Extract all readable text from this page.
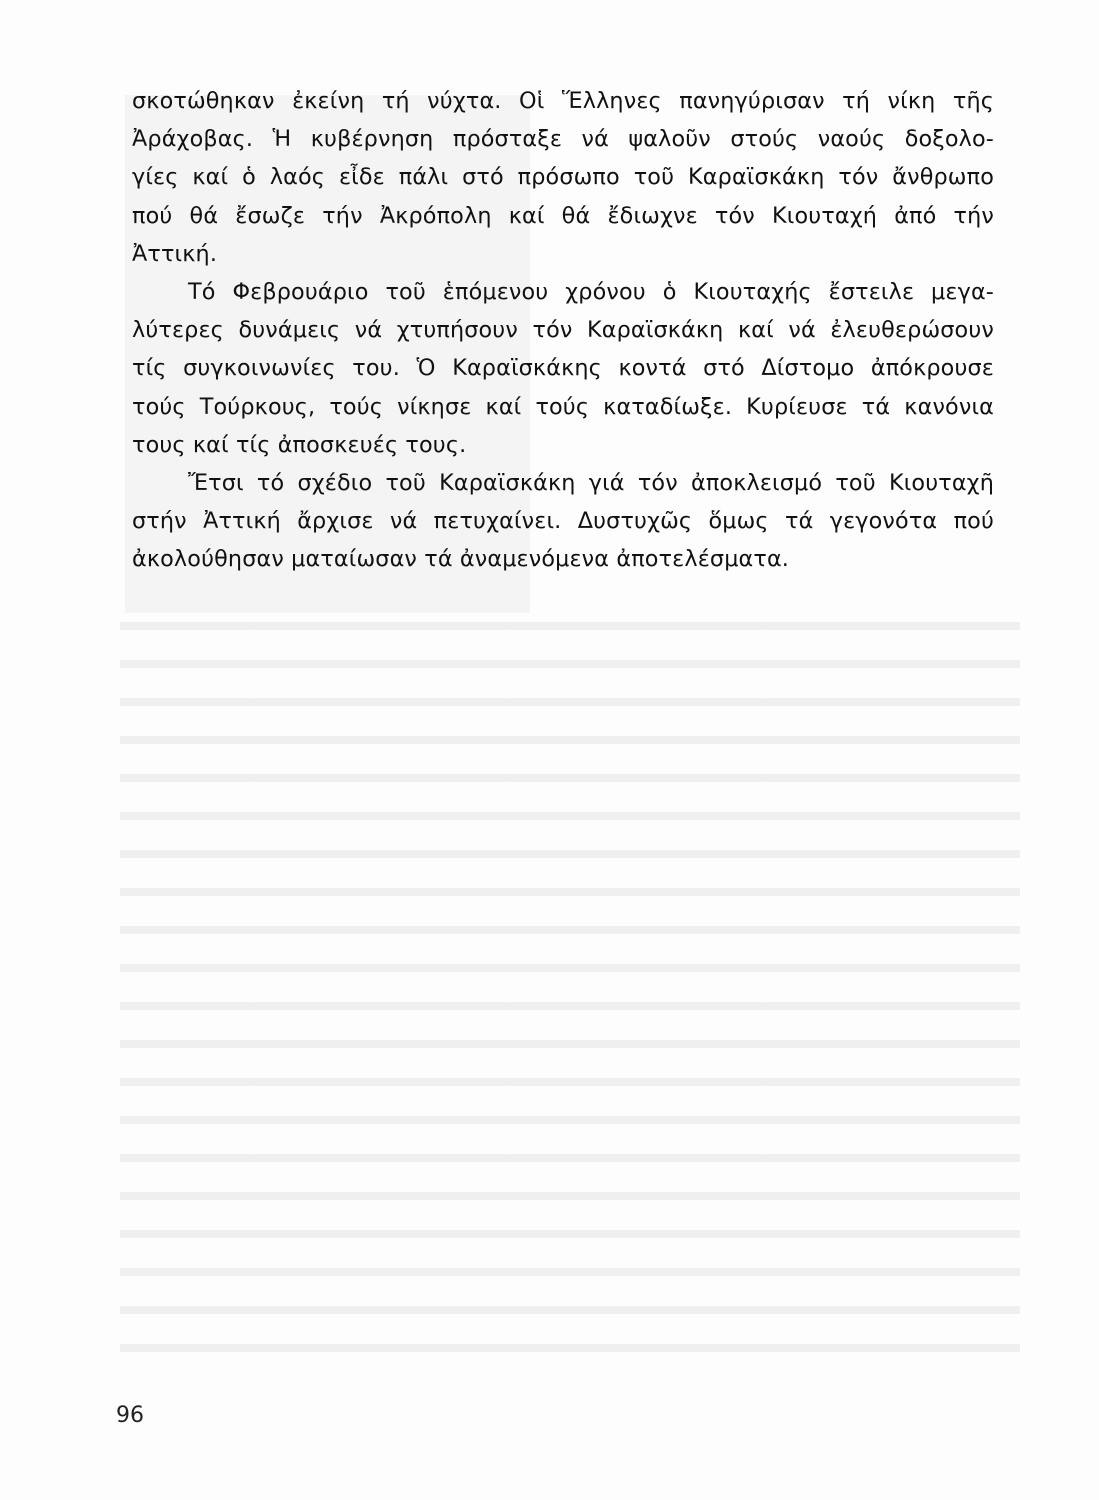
σκοτώθηκαν ἐκείνη τή νύχτα. Οἱ Ἕλληνες πανηγύρισαν τή νίκη τῆς
Ἀράχοβας. Ἡ κυβέρνηση πρόσταξε νά ψαλοῦν στούς ναούς δοξολο-
γίες καί ὁ λαός εἶδε πάλι στό πρόσωπο τοῦ Καραϊσκάκη τόν ἄνθρωπο
πού θά ἔσωζε τήν Ἀκρόπολη καί θά ἔδιωχνε τόν Κιουταχή ἀπό τήν
Ἀττική.
Τό Φεβρουάριο τοῦ ἑπόμενου χρόνου ὁ Κιουταχής ἔστειλε μεγα-
λύτερες δυνάμεις νά χτυπήσουν τόν Καραϊσκάκη καί νά ἐλευθερώσουν
τίς συγκοινωνίες του. Ὁ Καραϊσκάκης κοντά στό Δίστομο ἀπόκρουσε
τούς Τούρκους, τούς νίκησε καί τούς καταδίωξε. Κυρίευσε τά κανόνια
τους καί τίς ἀποσκευές τους.
Ἔτσι τό σχέδιο τοῦ Καραϊσκάκη γιά τόν ἀποκλεισμό τοῦ Κιουταχῆ
στήν Ἀττική ἄρχισε νά πετυχαίνει. Δυστυχῶς ὅμως τά γεγονότα πού
ἀκολούθησαν ματαίωσαν τά ἀναμενόμενα ἀποτελέσματα.
96
